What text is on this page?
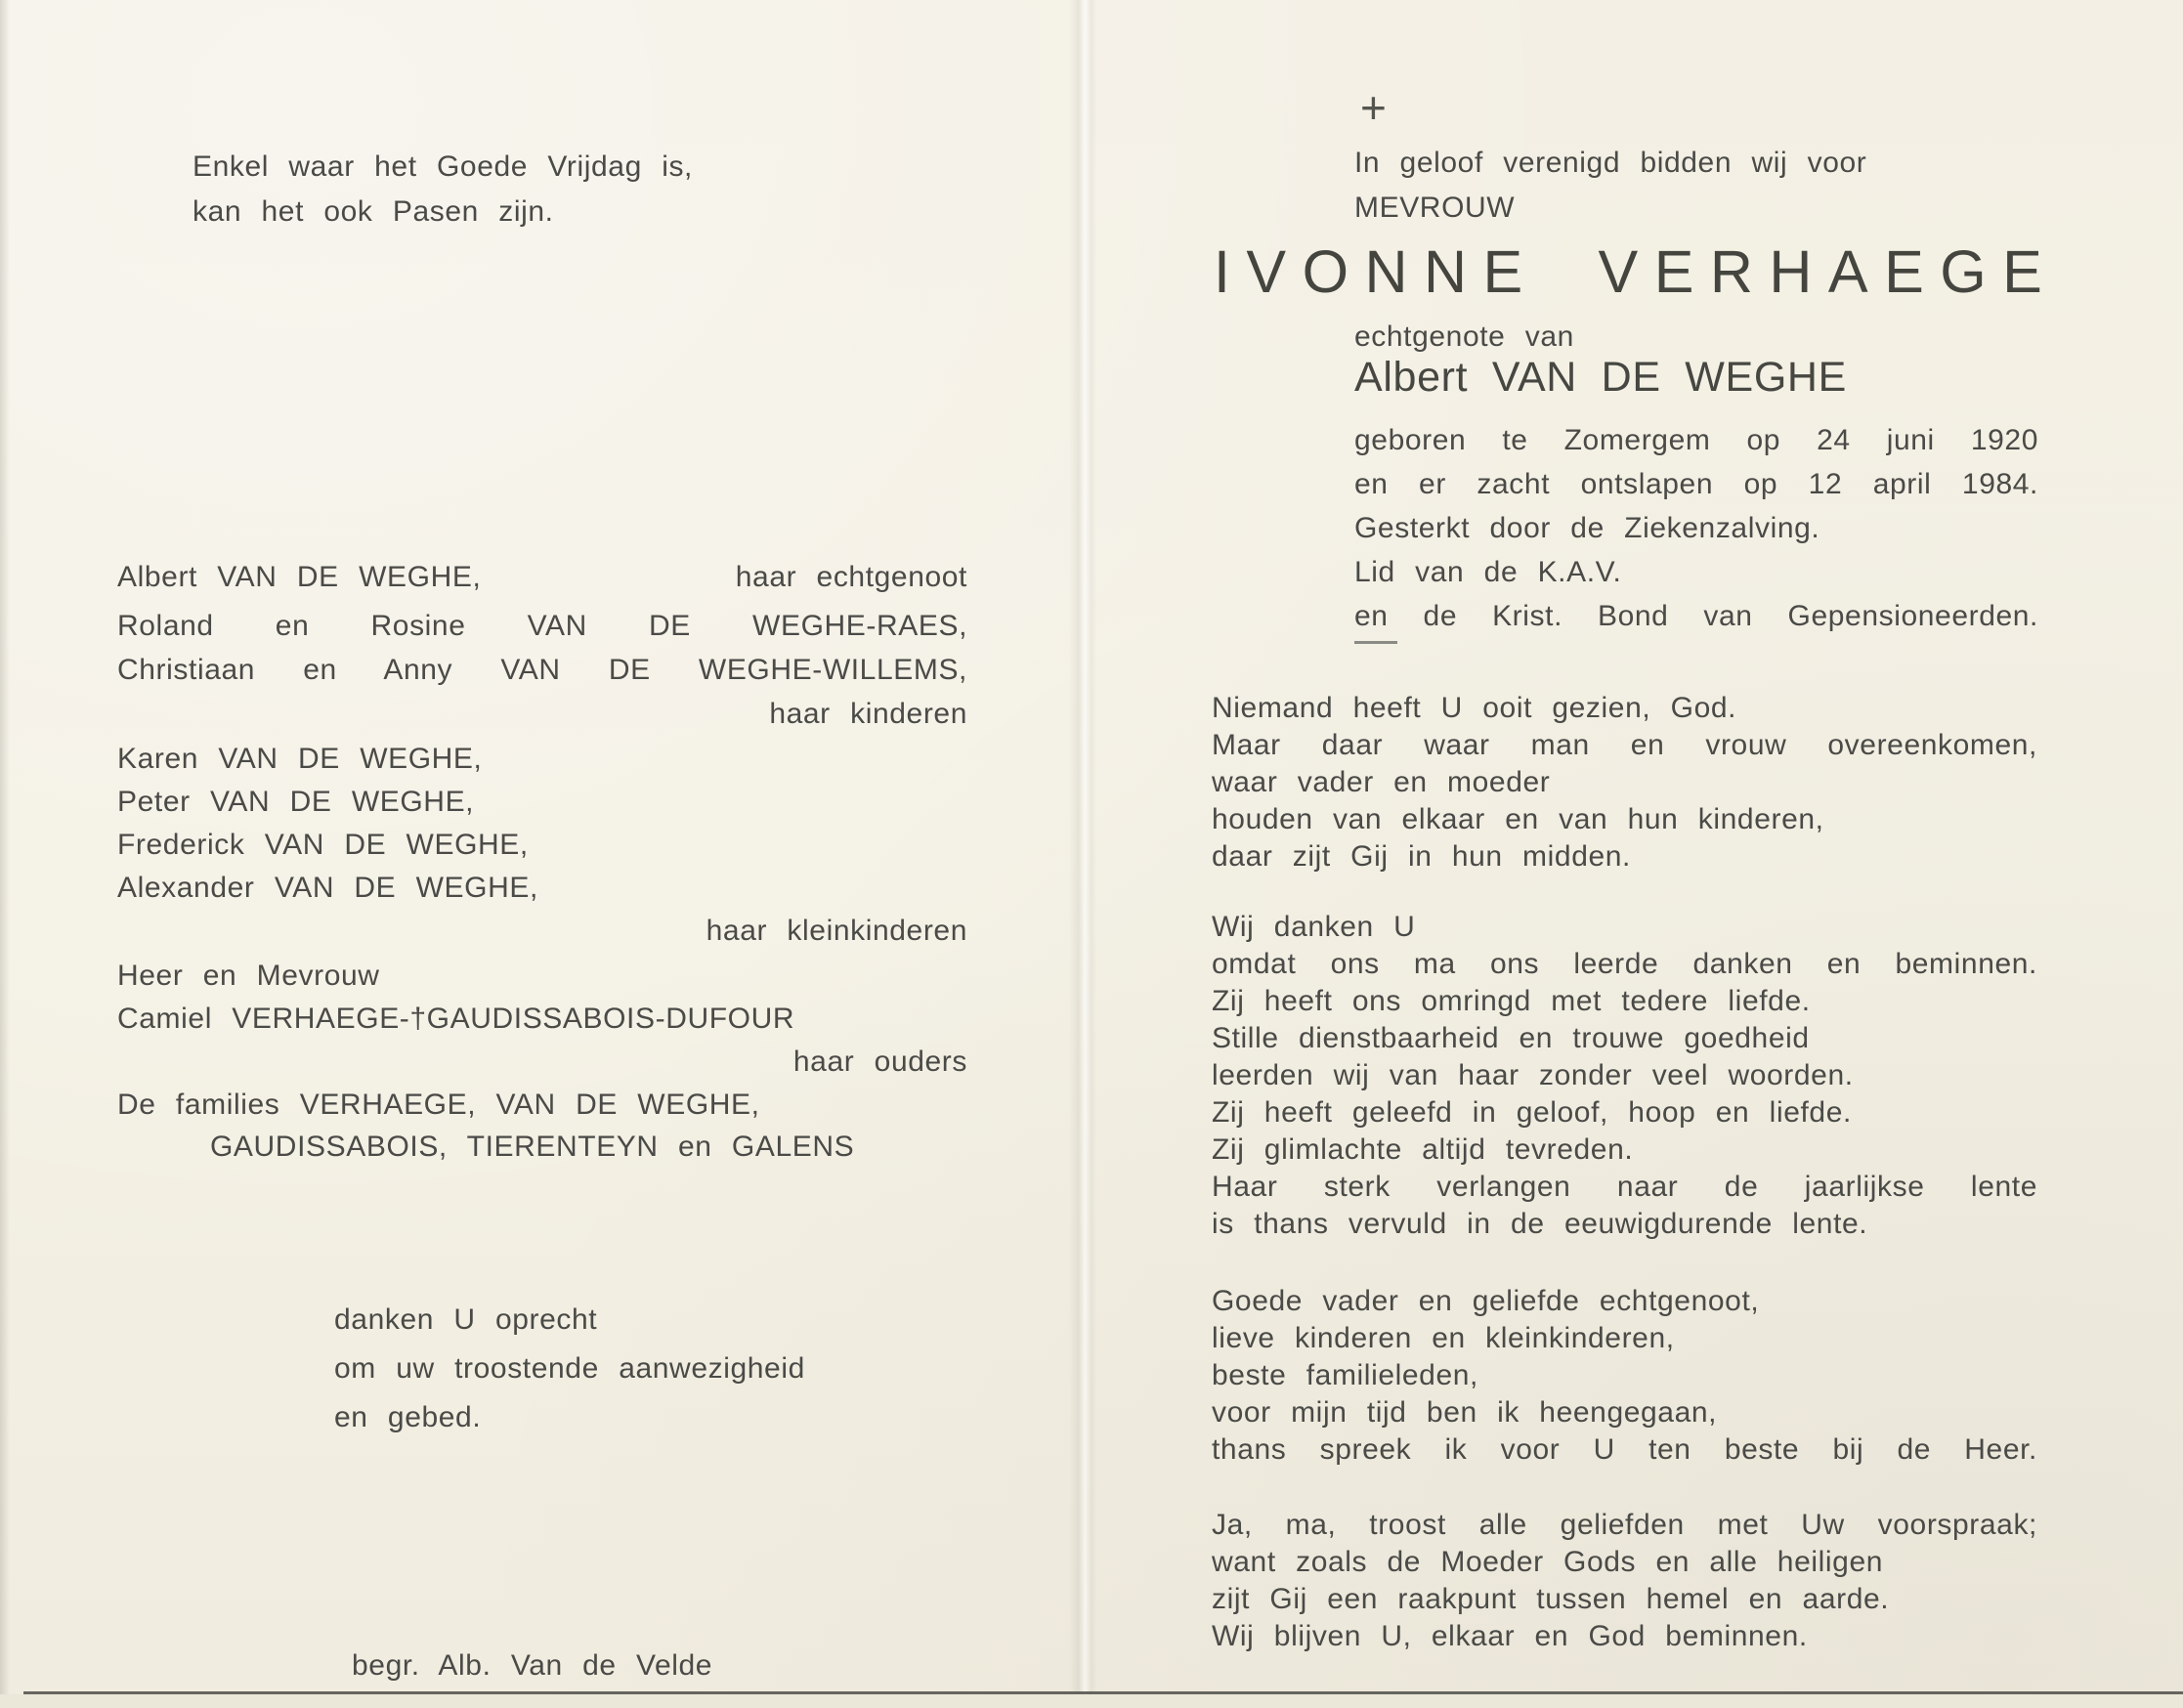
Enkel waar het Goede Vrijdag is,
kan het ook Pasen zijn.
Albert VAN DE WEGHE,	haar echtgenoot
Roland en Rosine VAN DE WEGHE-RAES,
Christiaan en Anny VAN DE WEGHE-WILLEMS,
haar kinderen
Karen VAN DE WEGHE,
Peter VAN DE WEGHE,
Frederick VAN DE WEGHE,
Alexander VAN DE WEGHE,
haar kleinkinderen
Heer en Mevrouw
Camiel VERHAEGE-†GAUDISSABOIS-DUFOUR
haar ouders
De families VERHAEGE, VAN DE WEGHE,
GAUDISSABOIS, TIERENTEYN en GALENS
danken U oprecht
om uw troostende aanwezigheid
en gebed.
begr. Alb. Van de Velde
+
In geloof verenigd bidden wij voor
MEVROUW
IVONNE VERHAEGE
echtgenote van
Albert VAN DE WEGHE
geboren te Zomergem op 24 juni 1920
en er zacht ontslapen op 12 april 1984.
Gesterkt door de Ziekenzalving.
Lid van de K.A.V.
en de Krist. Bond van Gepensioneerden.
Niemand heeft U ooit gezien, God.
Maar daar waar man en vrouw overeenkomen,
waar vader en moeder
houden van elkaar en van hun kinderen,
daar zijt Gij in hun midden.
Wij danken U
omdat ons ma ons leerde danken en beminnen.
Zij heeft ons omringd met tedere liefde.
Stille dienstbaarheid en trouwe goedheid
leerden wij van haar zonder veel woorden.
Zij heeft geleefd in geloof, hoop en liefde.
Zij glimlachte altijd tevreden.
Haar sterk verlangen naar de jaarlijkse lente
is thans vervuld in de eeuwigdurende lente.
Goede vader en geliefde echtgenoot,
lieve kinderen en kleinkinderen,
beste familieleden,
voor mijn tijd ben ik heengegaan,
thans spreek ik voor U ten beste bij de Heer.
Ja, ma, troost alle geliefden met Uw voorspraak;
want zoals de Moeder Gods en alle heiligen
zijt Gij een raakpunt tussen hemel en aarde.
Wij blijven U, elkaar en God beminnen.
